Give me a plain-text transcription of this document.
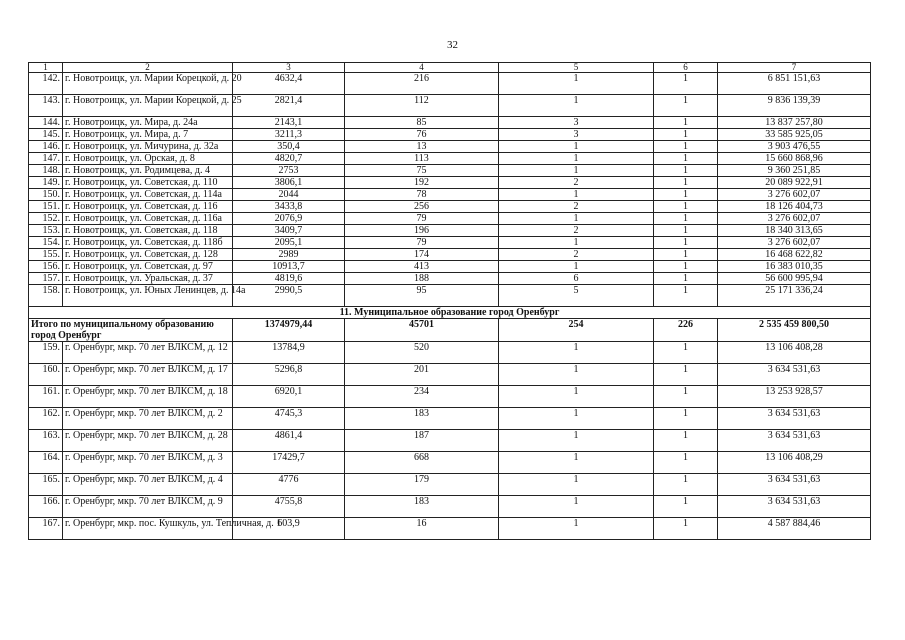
32
1	2	3	4	5	6	7
142.	г. Новотроицк, ул. Марии Корецкой, д. 20	4632,4	216	1	1	6 851 151,63
143.	г. Новотроицк, ул. Марии Корецкой, д. 25	2821,4	112	1	1	9 836 139,39
144.	г. Новотроицк, ул. Мира, д. 24а	2143,1	85	3	1	13 837 257,80
145.	г. Новотроицк, ул. Мира, д. 7	3211,3	76	3	1	33 585 925,05
146.	г. Новотроицк, ул. Мичурина, д. 32а	350,4	13	1	1	3 903 476,55
147.	г. Новотроицк, ул. Орская, д. 8	4820,7	113	1	1	15 660 868,96
148.	г. Новотроицк, ул. Родимцева, д. 4	2753	75	1	1	9 360 251,85
149.	г. Новотроицк, ул. Советская, д. 110	3806,1	192	2	1	20 089 922,91
150.	г. Новотроицк, ул. Советская, д. 114а	2044	78	1	1	3 276 602,07
151.	г. Новотроицк, ул. Советская, д. 116	3433,8	256	2	1	18 126 404,73
152.	г. Новотроицк, ул. Советская, д. 116а	2076,9	79	1	1	3 276 602,07
153.	г. Новотроицк, ул. Советская, д. 118	3409,7	196	2	1	18 340 313,65
154.	г. Новотроицк, ул. Советская, д. 118б	2095,1	79	1	1	3 276 602,07
155.	г. Новотроицк, ул. Советская, д. 128	2989	174	2	1	16 468 622,82
156.	г. Новотроицк, ул. Советская, д. 97	10913,7	413	1	1	16 383 010,35
157.	г. Новотроицк, ул. Уральская, д. 37	4819,6	188	6	1	56 600 995,94
158.	г. Новотроицк, ул. Юных Ленинцев, д. 14а	2990,5	95	5	1	25 171 336,24
11. Муниципальное образование город Оренбург						
Итого по муниципальному образованию город Оренбург		1374979,44	45701	254	226	2 535 459 800,50
159.	г. Оренбург, мкр. 70 лет ВЛКСМ, д. 12	13784,9	520	1	1	13 106 408,28
160.	г. Оренбург, мкр. 70 лет ВЛКСМ, д. 17	5296,8	201	1	1	3 634 531,63
161.	г. Оренбург, мкр. 70 лет ВЛКСМ, д. 18	6920,1	234	1	1	13 253 928,57
162.	г. Оренбург, мкр. 70 лет ВЛКСМ, д. 2	4745,3	183	1	1	3 634 531,63
163.	г. Оренбург, мкр. 70 лет ВЛКСМ, д. 28	4861,4	187	1	1	3 634 531,63
164.	г. Оренбург, мкр. 70 лет ВЛКСМ, д. 3	17429,7	668	1	1	13 106 408,29
165.	г. Оренбург, мкр. 70 лет ВЛКСМ, д. 4	4776	179	1	1	3 634 531,63
166.	г. Оренбург, мкр. 70 лет ВЛКСМ, д. 9	4755,8	183	1	1	3 634 531,63
167.	г. Оренбург, мкр. пос. Кушкуль, ул. Тепличная, д. 1	603,9	16	1	1	4 587 884,46
